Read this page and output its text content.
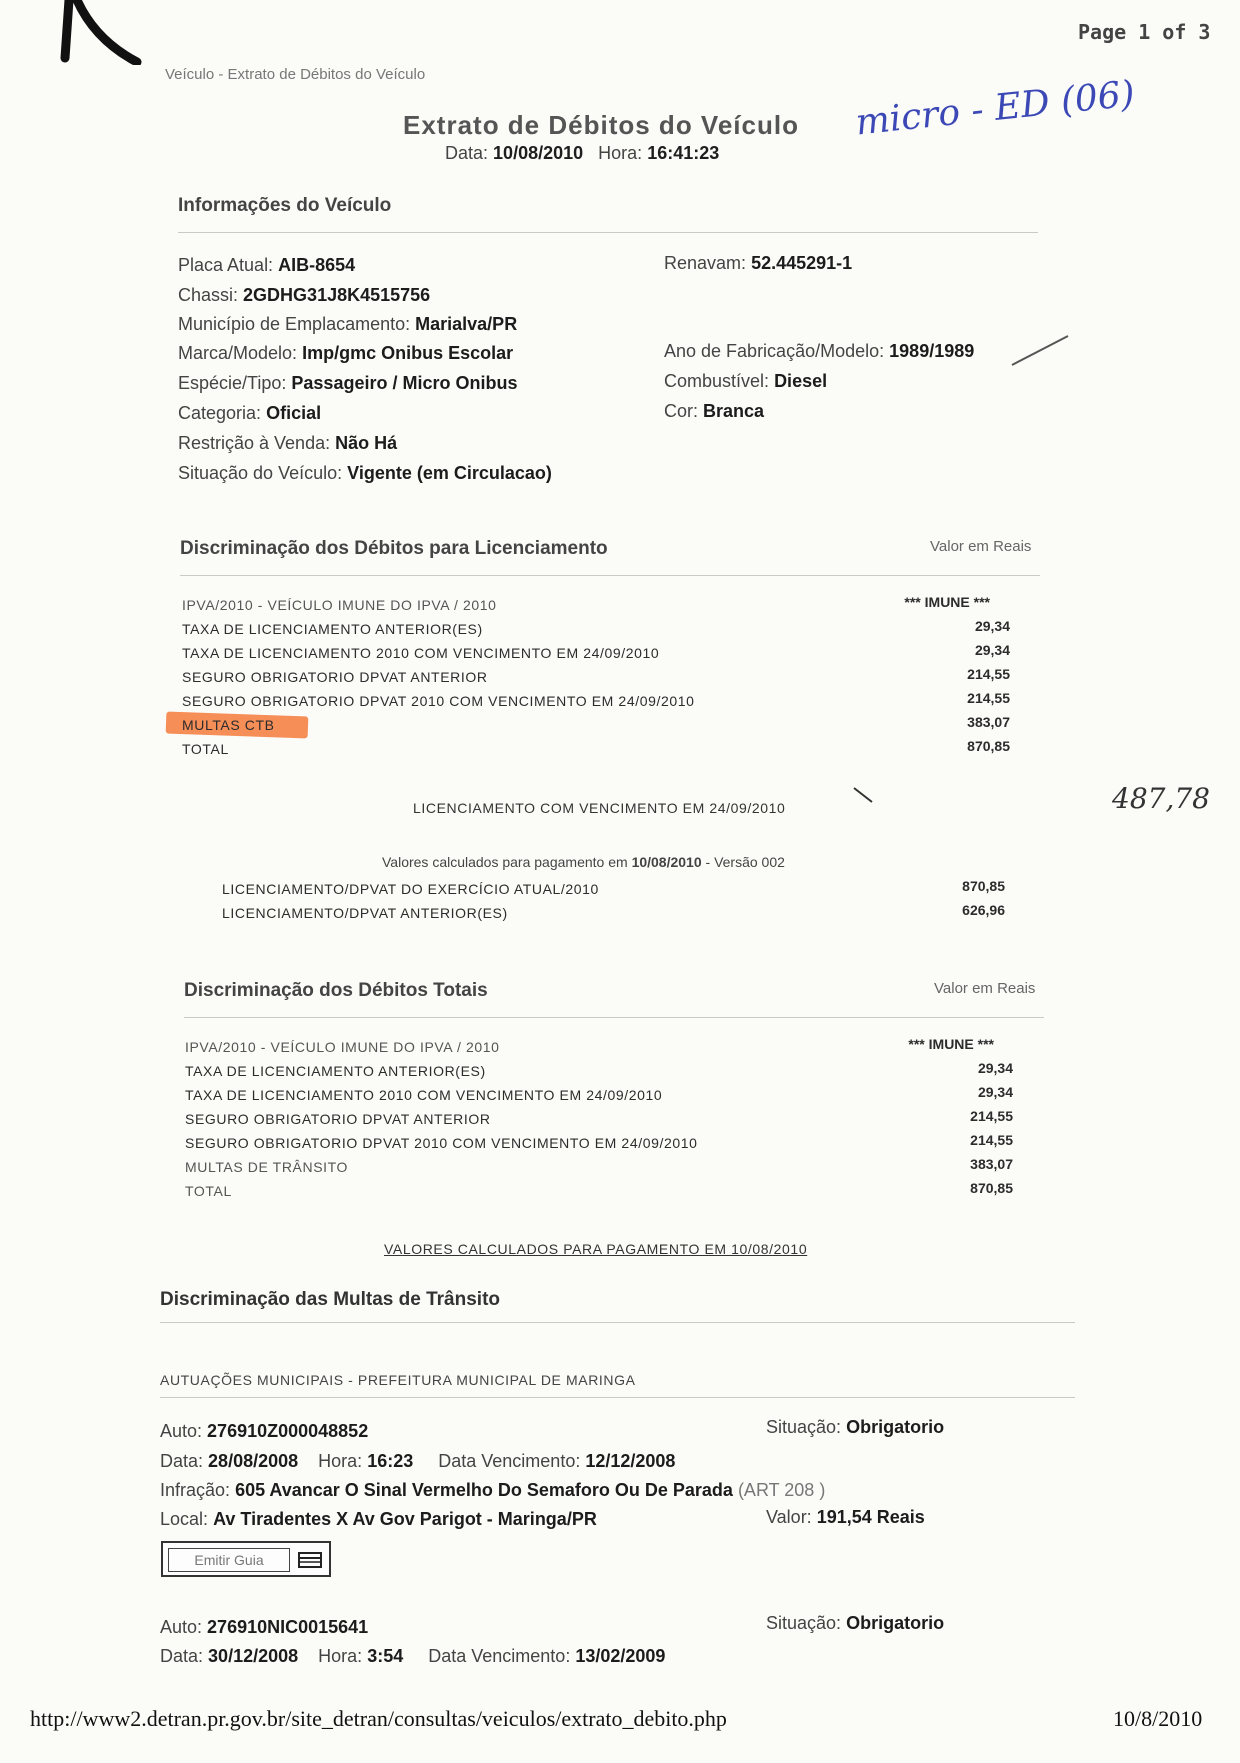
Page 1 of 3
Veículo - Extrato de Débitos do Veículo
Extrato de Débitos do Veículo
Data: 10/08/2010 Hora: 16:41:23
micro - ED (06)
Informações do Veículo
Placa Atual: AIB-8654	Renavam: 52.445291-1
Chassi: 2GDHG31J8K4515756
Município de Emplacamento: Marialva/PR
Marca/Modelo: Imp/gmc Onibus Escolar	Ano de Fabricação/Modelo: 1989/1989
Espécie/Tipo: Passageiro / Micro Onibus	Combustível: Diesel
Categoria: Oficial	Cor: Branca
Restrição à Venda: Não Há
Situação do Veículo: Vigente (em Circulacao)
Discriminação dos Débitos para Licenciamento	Valor em Reais
IPVA/2010 - VEÍCULO IMUNE DO IPVA / 2010	*** IMUNE ***
TAXA DE LICENCIAMENTO ANTERIOR(ES)	29,34
TAXA DE LICENCIAMENTO 2010 COM VENCIMENTO EM 24/09/2010	29,34
SEGURO OBRIGATORIO DPVAT ANTERIOR	214,55
SEGURO OBRIGATORIO DPVAT 2010 COM VENCIMENTO EM 24/09/2010	214,55
MULTAS CTB	383,07
TOTAL	870,85
LICENCIAMENTO COM VENCIMENTO EM 24/09/2010	487,78
Valores calculados para pagamento em 10/08/2010 - Versão 002
LICENCIAMENTO/DPVAT DO EXERCÍCIO ATUAL/2010	870,85
LICENCIAMENTO/DPVAT ANTERIOR(ES)	626,96
Discriminação dos Débitos Totais	Valor em Reais
IPVA/2010 - VEÍCULO IMUNE DO IPVA / 2010	*** IMUNE ***
TAXA DE LICENCIAMENTO ANTERIOR(ES)	29,34
TAXA DE LICENCIAMENTO 2010 COM VENCIMENTO EM 24/09/2010	29,34
SEGURO OBRIGATORIO DPVAT ANTERIOR	214,55
SEGURO OBRIGATORIO DPVAT 2010 COM VENCIMENTO EM 24/09/2010	214,55
MULTAS DE TRÂNSITO	383,07
TOTAL	870,85
VALORES CALCULADOS PARA PAGAMENTO EM 10/08/2010
Discriminação das Multas de Trânsito
AUTUAÇÕES MUNICIPAIS - PREFEITURA MUNICIPAL DE MARINGA
Auto: 276910Z000048852	Situação: Obrigatorio
Data: 28/08/2008 Hora: 16:23 Data Vencimento: 12/12/2008
Infração: 605 Avancar O Sinal Vermelho Do Semaforo Ou De Parada (ART 208 )
Local: Av Tiradentes X Av Gov Parigot - Maringa/PR	Valor: 191,54 Reais
Emitir Guia
Auto: 276910NIC0015641	Situação: Obrigatorio
Data: 30/12/2008 Hora: 3:54 Data Vencimento: 13/02/2009
http://www2.detran.pr.gov.br/site_detran/consultas/veiculos/extrato_debito.php	10/8/2010
